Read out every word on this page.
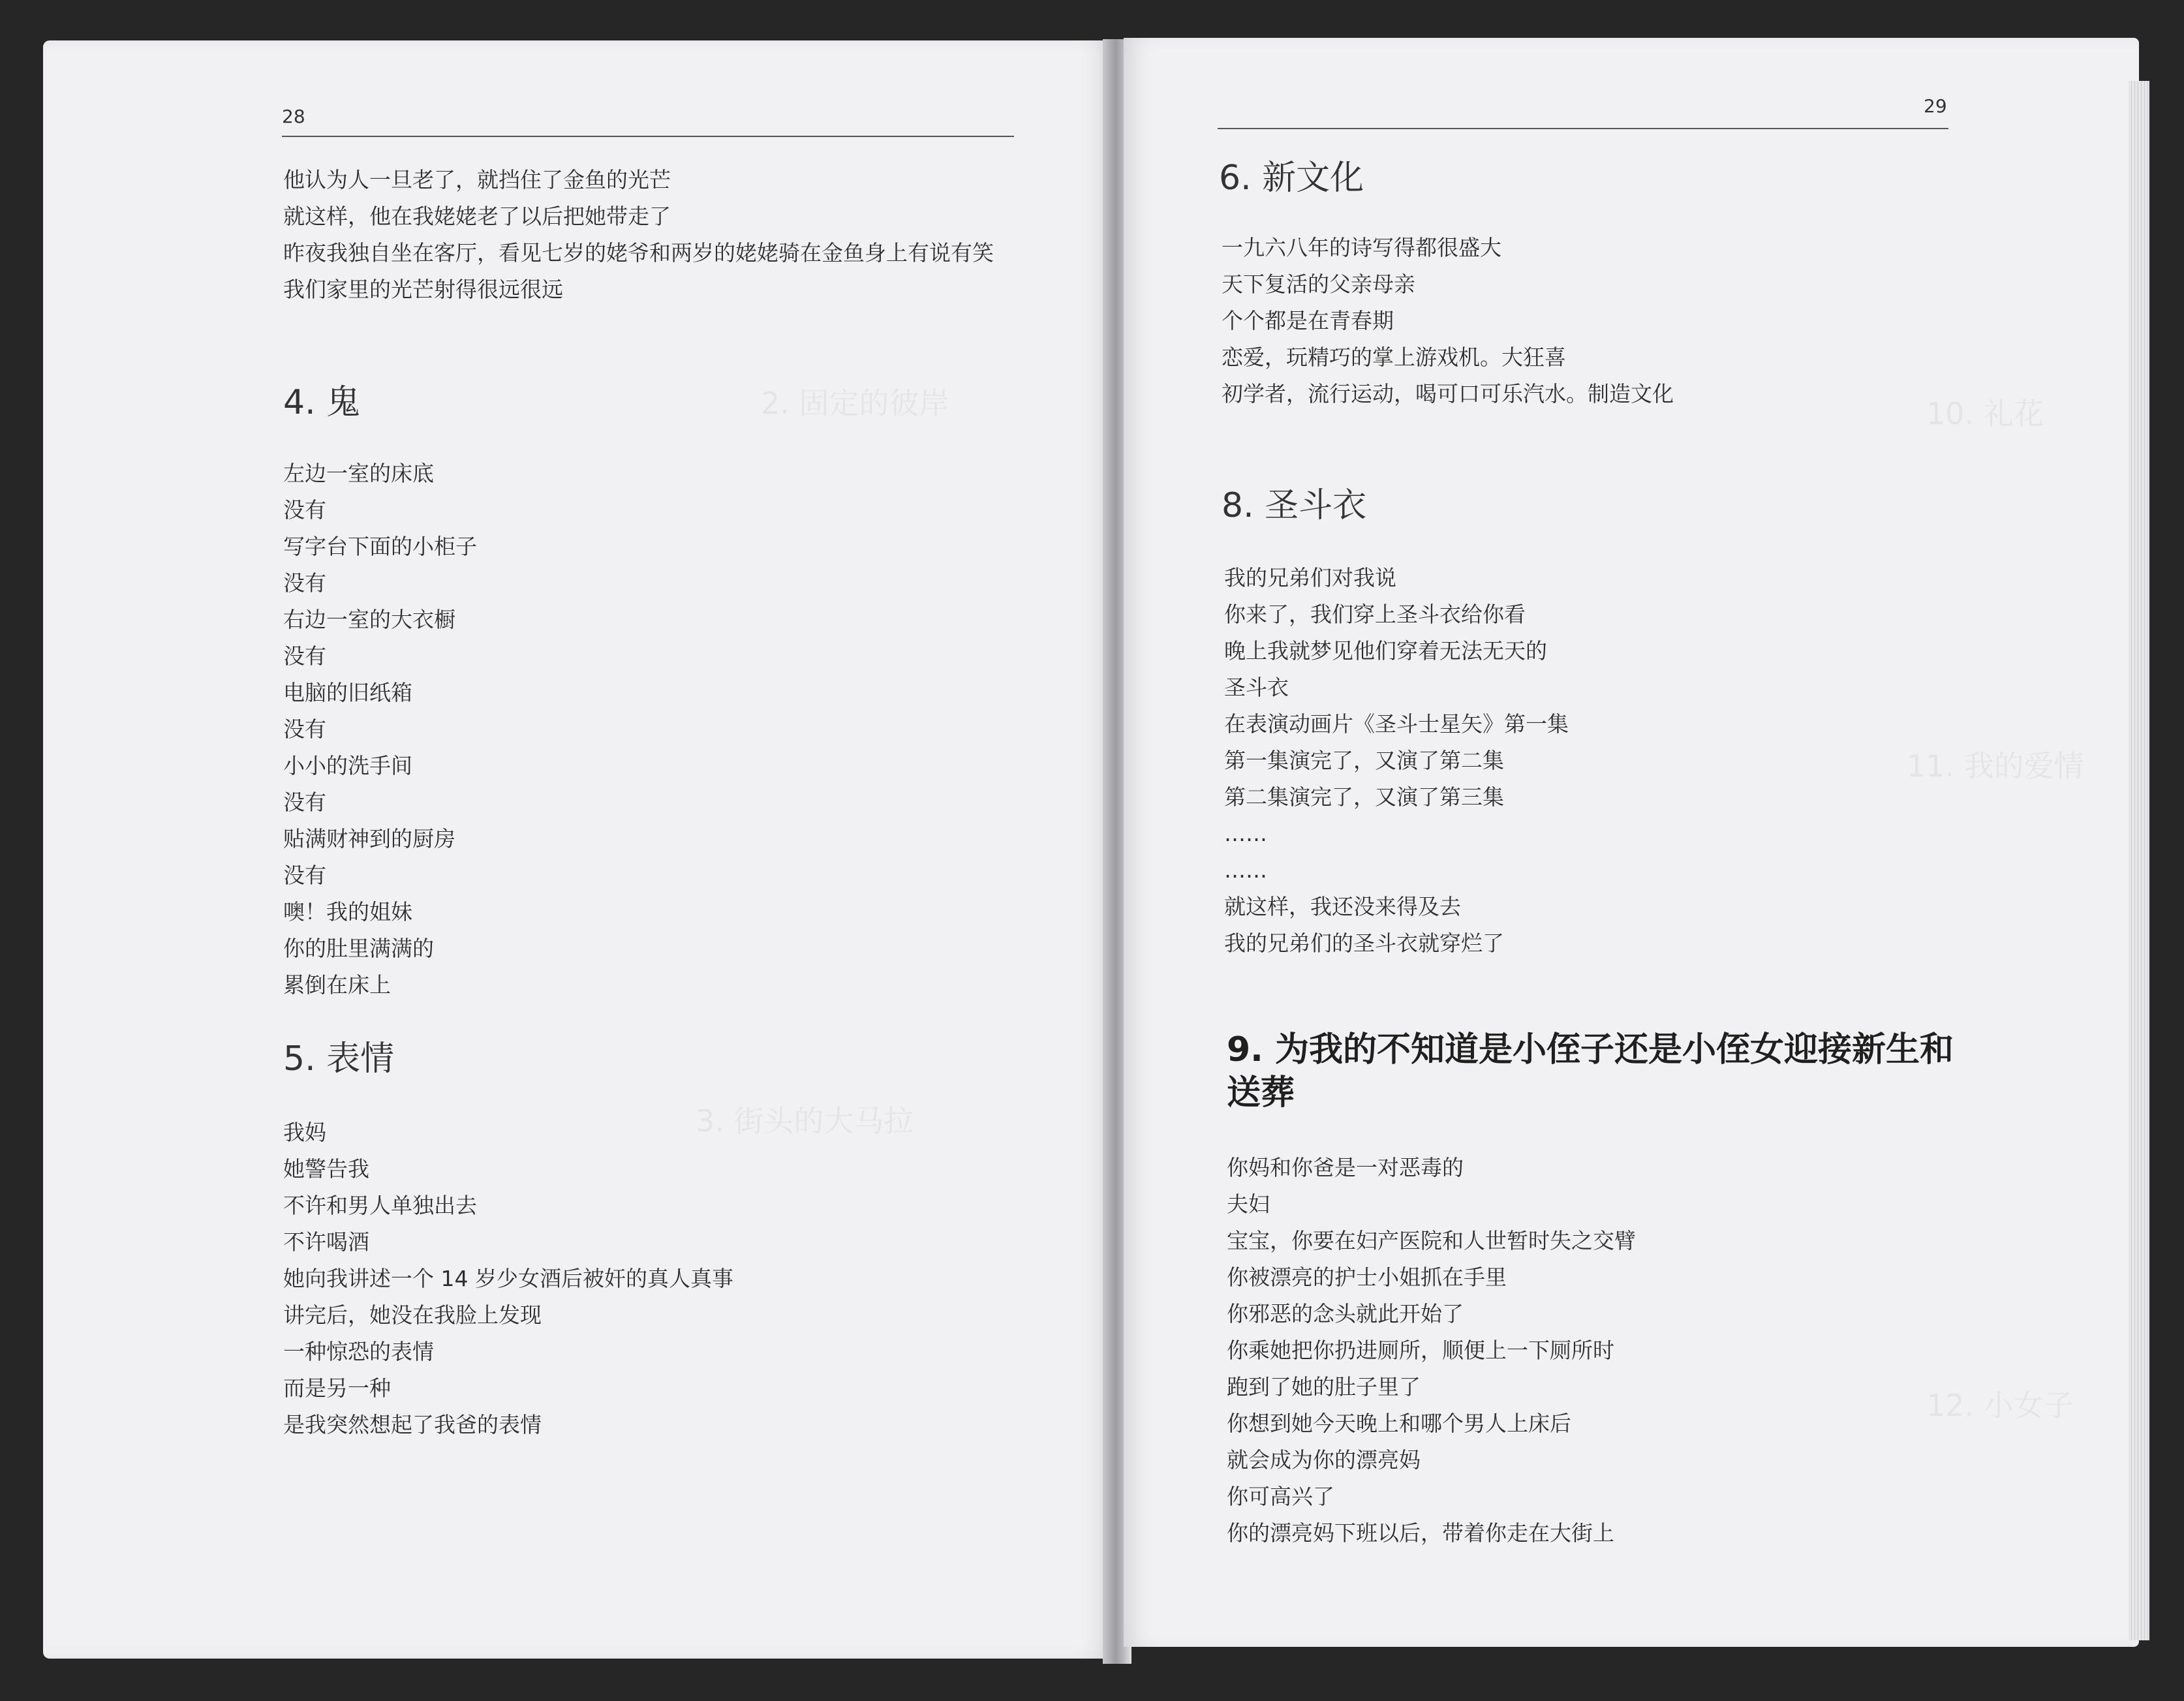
2. 固定的彼岸
3. 街头的大马拉
10. 礼花
11. 我的爱情
12. 小女子
28
他认为人一旦老了，就挡住了金鱼的光芒
就这样，他在我姥姥老了以后把她带走了
昨夜我独自坐在客厅，看见七岁的姥爷和两岁的姥姥骑在金鱼身上有说有笑
我们家里的光芒射得很远很远
4. 鬼
左边一室的床底
没有
写字台下面的小柜子
没有
右边一室的大衣橱
没有
电脑的旧纸箱
没有
小小的洗手间
没有
贴满财神到的厨房
没有
噢！我的姐妹
你的肚里满满的
累倒在床上
5. 表情
我妈
她警告我
不许和男人单独出去
不许喝酒
她向我讲述一个 14 岁少女酒后被奸的真人真事
讲完后，她没在我脸上发现
一种惊恐的表情
而是另一种
是我突然想起了我爸的表情
29
6. 新文化
一九六八年的诗写得都很盛大
天下复活的父亲母亲
个个都是在青春期
恋爱，玩精巧的掌上游戏机。大狂喜
初学者，流行运动，喝可口可乐汽水。制造文化
8. 圣斗衣
我的兄弟们对我说
你来了，我们穿上圣斗衣给你看
晚上我就梦见他们穿着无法无天的
圣斗衣
在表演动画片《圣斗士星矢》第一集
第一集演完了，又演了第二集
第二集演完了，又演了第三集
……
……
就这样，我还没来得及去
我的兄弟们的圣斗衣就穿烂了
9. 为我的不知道是小侄子还是小侄女迎接新生和送葬
你妈和你爸是一对恶毒的
夫妇
宝宝，你要在妇产医院和人世暂时失之交臂
你被漂亮的护士小姐抓在手里
你邪恶的念头就此开始了
你乘她把你扔进厕所，顺便上一下厕所时
跑到了她的肚子里了
你想到她今天晚上和哪个男人上床后
就会成为你的漂亮妈
你可高兴了
你的漂亮妈下班以后，带着你走在大街上
